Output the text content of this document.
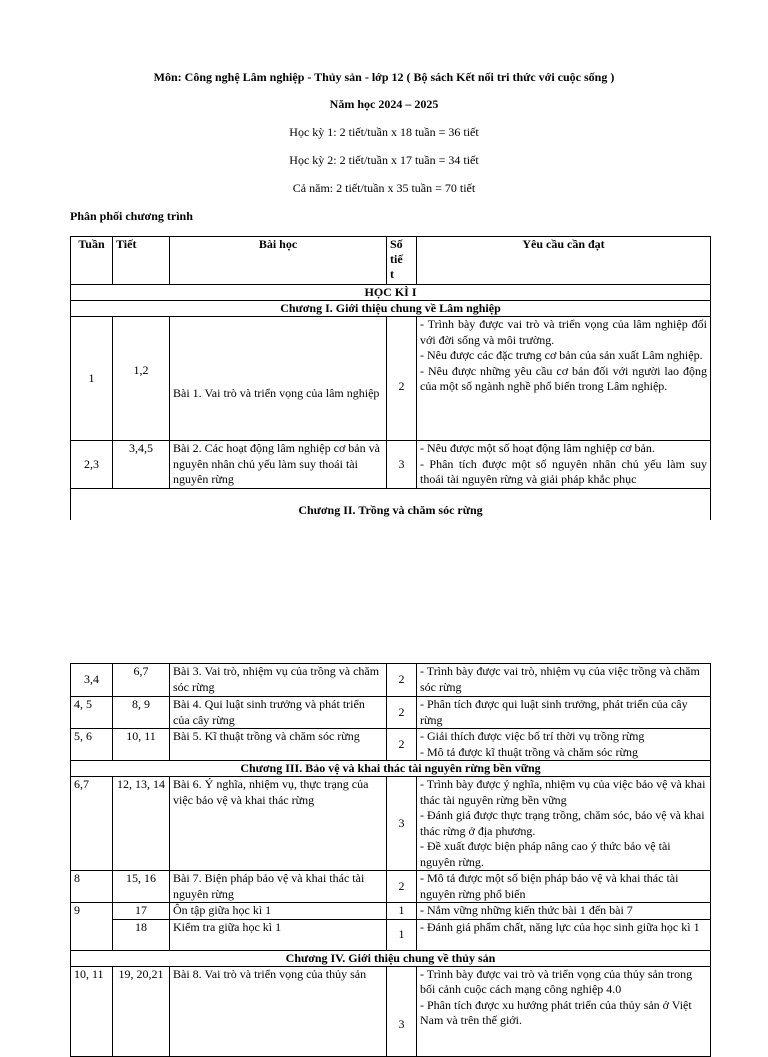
Môn: Công nghệ Lâm nghiệp - Thủy sản - lớp 12 ( Bộ sách Kết nối tri thức với cuộc sống )
Năm học 2024 – 2025
Học kỳ 1: 2 tiết/tuần x 18 tuần = 36 tiết
Học kỳ 2: 2 tiết/tuần x 17 tuần = 34 tiết
Cả năm: 2 tiết/tuần x 35 tuần = 70 tiết
Phân phối chương trình
Tuần	Tiết	Bài học	Số
tiế
t	Yêu cầu cần đạt
HỌC KÌ I				
Chương I. Giới thiệu chung về Lâm nghiệp				
1	1,2	Bài 1. Vai trò và triển vọng của lâm nghiệp	2	- Trình bày được vai trò và triển vọng của lâm nghiệp đối với đời sống và môi trường.
- Nêu được các đặc trưng cơ bản của sản xuất Lâm nghiệp.
- Nêu được những yêu cầu cơ bản đối với người lao động của một số ngành nghề phổ biến trong Lâm nghiệp.
2,3	3,4,5	Bài 2. Các hoạt động lâm nghiệp cơ bản và nguyên nhân chủ yếu làm suy thoái tài nguyên rừng	3	- Nêu được một số hoạt động lâm nghiệp cơ bản.
- Phân tích được một số nguyên nhân chủ yếu làm suy thoái tài nguyên rừng và giải pháp khắc phục
Chương II. Trồng và chăm sóc rừng				
3,4	6,7	Bài 3. Vai trò, nhiệm vụ của trồng và chăm sóc rừng	2	- Trình bày được vai trò, nhiệm vụ của việc trồng và chăm sóc rừng
4, 5	8, 9	Bài 4. Qui luật sinh trưởng và phát triển của cây rừng	2	- Phân tích được qui luật sinh trưởng, phát triển của cây rừng
5, 6	10, 11	Bài 5. Kĩ thuật trồng và chăm sóc rừng	2	- Giải thích được việc bố trí thời vụ trồng rừng
- Mô tả được kĩ thuật trồng và chăm sóc rừng
Chương III. Bảo vệ và khai thác tài nguyên rừng bền vững				
6,7	12, 13, 14	Bài 6. Ý nghĩa, nhiệm vụ, thực trạng của việc bảo vệ và khai thác rừng	3	- Trình bày được ý nghĩa, nhiệm vụ của việc bảo vệ và khai thác tài nguyên rừng bền vững
- Đánh giá được thực trạng trồng, chăm sóc, bảo vệ và khai thác rừng ở địa phương.
- Đề xuất được biện pháp nâng cao ý thức bảo vệ tài nguyên rừng.
8	15, 16	Bài 7. Biện pháp bảo vệ và khai thác tài nguyên rừng	2	- Mô tả được một số biện pháp bảo vệ và khai thác tài nguyên rừng phổ biến
9	17	Ôn tập giữa học kì 1	1	- Nắm vững những kiến thức bài 1 đến bài 7
	18	Kiểm tra giữa học kì 1	1	- Đánh giá phẩm chất, năng lực của học sinh giữa học kì 1
Chương IV. Giới thiệu chung về thủy sản				
10, 11	19, 20,21	Bài 8. Vai trò và triển vọng của thủy sản	3	- Trình bày được vai trò và triển vọng của thủy sản trong bối cảnh cuộc cách mạng công nghiệp 4.0
- Phân tích được xu hướng phát triển của thủy sản ở Việt Nam và trên thế giới.
